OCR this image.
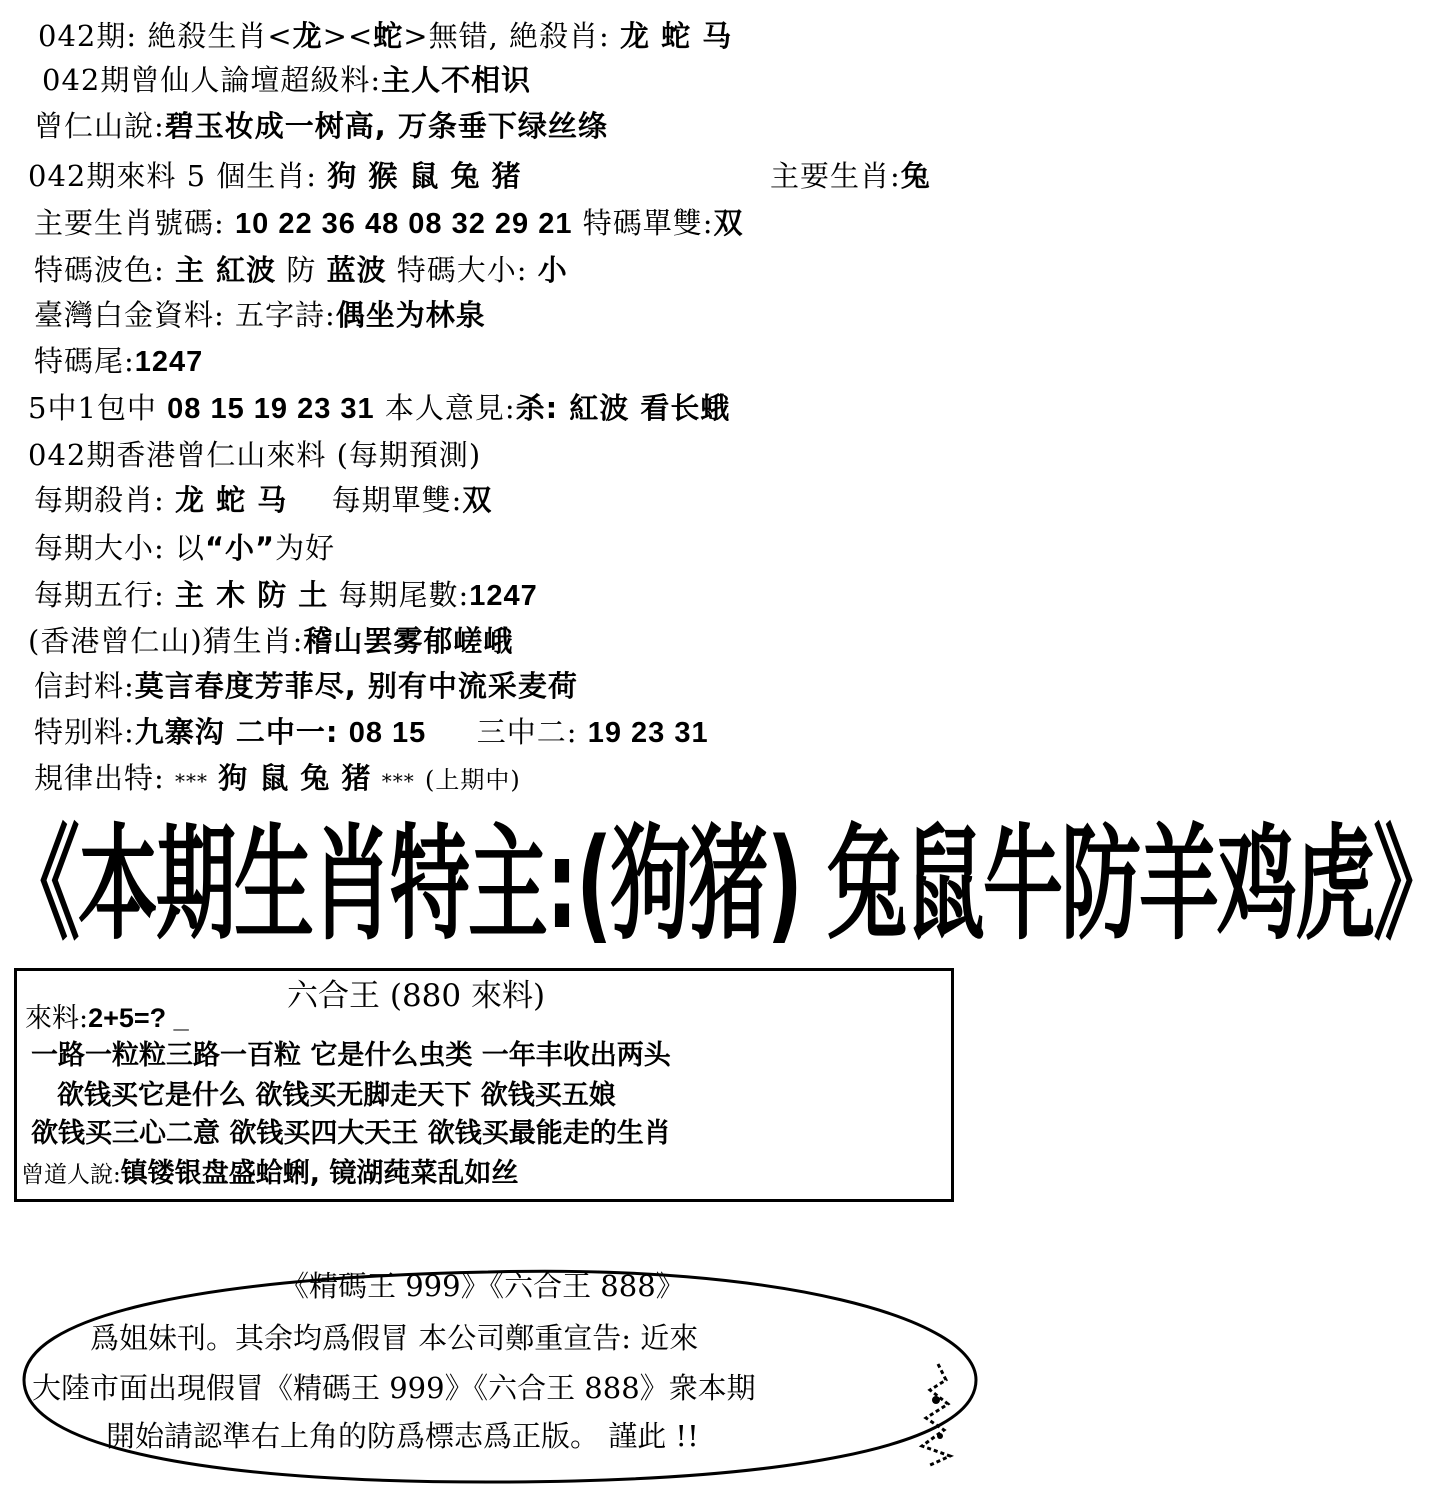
042期: 絶殺生肖<龙><蛇>無错, 絶殺肖: 龙 蛇 马
042期曾仙人論壇超級料:主人不相识
曾仁山說:碧玉妆成一树高, 万条垂下绿丝绦
042期來料 5 個生肖: 狗 猴 鼠 兔 猪	主要生肖:兔
主要生肖號碼: 10 22 36 48 08 32 29 21 特碼單雙:双
特碼波色: 主 紅波 防 蓝波 特碼大小: 小
臺灣白金資料: 五字詩:偶坐为林泉
特碼尾:1247
5中1包中 08 15 19 23 31 本人意見:杀: 紅波 看长蛾
042期香港曾仁山來料 (每期預測)
每期殺肖: 龙 蛇 马 每期單雙:双
每期大小: 以“小”为好
每期五行: 主 木 防 土 每期尾數:1247
(香港曾仁山)猜生肖:稽山罢雾郁嵯峨
信封料:莫言春度芳菲尽, 别有中流采麦荷
特别料:九寨沟 二中一: 08 15 三中二: 19 23 31
規律出特: *** 狗 鼠 兔 猪 *** (上期中)
《本期生肖特主:(狗猪) 兔鼠牛防羊鸡虎》
六合王 (880 來料)
來料:2+5=? _
一路一粒粒三路一百粒 它是什么虫类 一年丰收出两头
欲钱买它是什么 欲钱买无脚走天下 欲钱买五娘
欲钱买三心二意 欲钱买四大天王 欲钱买最能走的生肖
曾道人說:镇镂银盘盛蛤蜊, 镜湖莼菜乱如丝
《精碼王 999》《六合王 888》
爲姐妹刊。其余均爲假冒 本公司鄭重宣告: 近來
大陸市面出現假冒《精碼王 999》《六合王 888》衆本期
開始請認準右上角的防爲標志爲正版。 謹此 !!
